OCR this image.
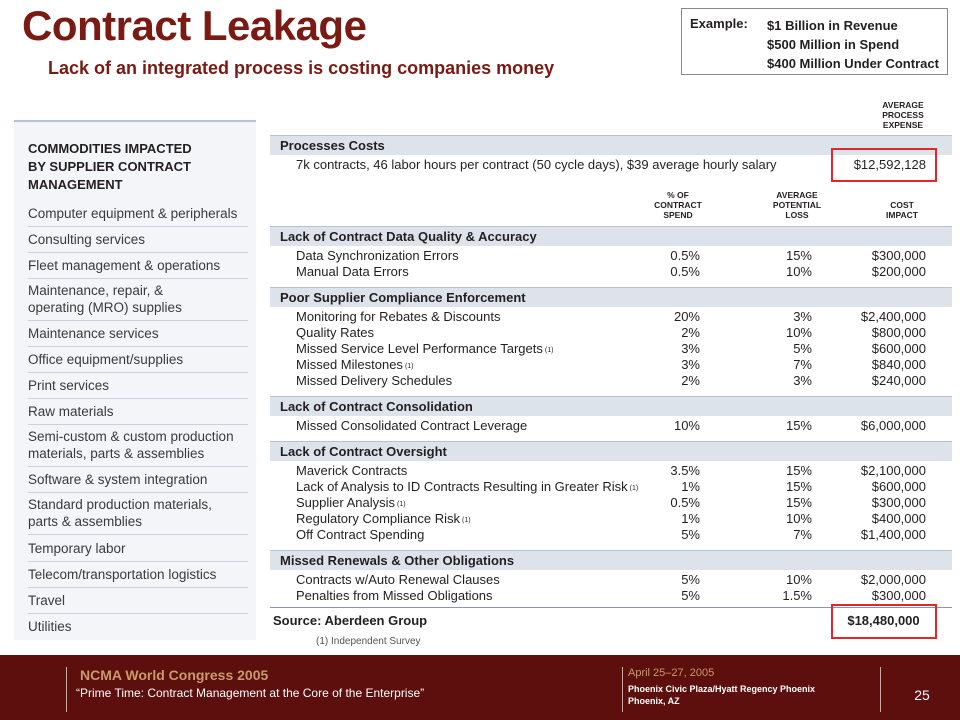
Contract Leakage
Lack of an integrated process is costing companies money
Example: $1 Billion in Revenue
$500 Million in Spend
$400 Million Under Contract
COMMODITIES IMPACTED
BY SUPPLIER CONTRACT
MANAGEMENT
Computer equipment & peripherals
Consulting services
Fleet management & operations
Maintenance, repair, & operating (MRO) supplies
Maintenance services
Office equipment/supplies
Print services
Raw materials
Semi-custom & custom production materials, parts & assemblies
Software & system integration
Standard production materials, parts & assemblies
Temporary labor
Telecom/transportation logistics
Travel
Utilities
AVERAGE
PROCESS
EXPENSE
Processes Costs
7k contracts, 46 labor hours per contract (50 cycle days), $39 average hourly salary	$12,592,128
% OF
CONTRACT
SPEND
AVERAGE
POTENTIAL
LOSS
COST
IMPACT
Lack of Contract Data Quality & Accuracy
Data Synchronization Errors	0.5%	15%	$300,000
Manual Data Errors	0.5%	10%	$200,000
Poor Supplier Compliance Enforcement
Monitoring for Rebates & Discounts	20%	3%	$2,400,000
Quality Rates	2%	10%	$800,000
Missed Service Level Performance Targets $^{(1)}$	3%	5%	$600,000
Missed Milestones $^{(1)}$	3%	7%	$840,000
Missed Delivery Schedules	2%	3%	$240,000
Lack of Contract Consolidation
Missed Consolidated Contract Leverage	10%	15%	$6,000,000
Lack of Contract Oversight
Maverick Contracts	3.5%	15%	$2,100,000
Lack of Analysis to ID Contracts Resulting in Greater Risk $^{(1)}$	1%	15%	$600,000
Supplier Analysis $^{(1)}$	0.5%	15%	$300,000
Regulatory Compliance Risk $^{(1)}$	1%	10%	$400,000
Off Contract Spending	5%	7%	$1,400,000
Missed Renewals & Other Obligations
Contracts w/Auto Renewal Clauses	5%	10%	$2,000,000
Penalties from Missed Obligations	5%	1.5%	$300,000
Source: Aberdeen Group	$18,480,000
(1) Independent Survey
NCMA World Congress 2005
“Prime Time: Contract Management at the Core of the Enterprise”
April 25–27, 2005
Phoenix Civic Plaza/Hyatt Regency Phoenix
Phoenix, AZ	25
